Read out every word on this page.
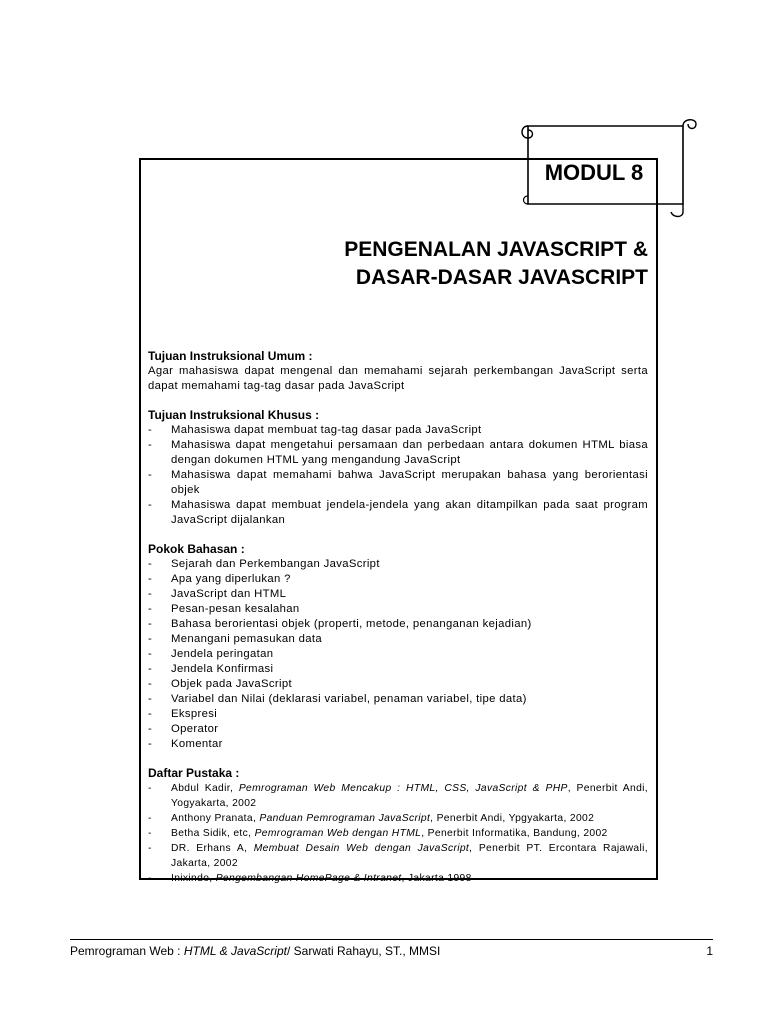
MODUL 8
PENGENALAN JAVASCRIPT &
DASAR-DASAR JAVASCRIPT
Tujuan Instruksional Umum :

Agar mahasiswa dapat mengenal dan memahami sejarah perkembangan JavaScript serta dapat memahami tag-tag dasar pada JavaScript

Tujuan Instruksional Khusus :
- Mahasiswa dapat membuat tag-tag dasar pada JavaScript
- Mahasiswa dapat mengetahui persamaan dan perbedaan antara dokumen HTML biasa dengan dokumen HTML yang mengandung JavaScript
- Mahasiswa dapat memahami bahwa JavaScript merupakan bahasa yang berorientasi objek
- Mahasiswa dapat membuat jendela-jendela yang akan ditampilkan pada saat program JavaScript dijalankan
Pokok Bahasan :
- Sejarah dan Perkembangan JavaScript
- Apa yang diperlukan ?
- JavaScript dan HTML
- Pesan-pesan kesalahan
- Bahasa berorientasi objek (properti, metode, penanganan kejadian)
- Menangani pemasukan data
- Jendela peringatan
- Jendela Konfirmasi
- Objek pada JavaScript
- Variabel dan Nilai (deklarasi variabel, penaman variabel, tipe data)
- Ekspresi
- Operator
- Komentar
Daftar Pustaka :
- Abdul Kadir, Pemrograman Web Mencakup : HTML, CSS, JavaScript & PHP, Penerbit Andi, Yogyakarta, 2002
- Anthony Pranata, Panduan Pemrograman JavaScript, Penerbit Andi, Ypgyakarta, 2002
- Betha Sidik, etc, Pemrograman Web dengan HTML, Penerbit Informatika, Bandung, 2002
- DR. Erhans A, Membuat Desain Web dengan JavaScript, Penerbit PT. Ercontara Rajawali, Jakarta, 2002
- Inixindo, Pengembangan HomePage & Intranet, Jakarta 1998
Pemrograman Web : HTML & JavaScript/ Sarwati Rahayu, ST., MMSI	1
